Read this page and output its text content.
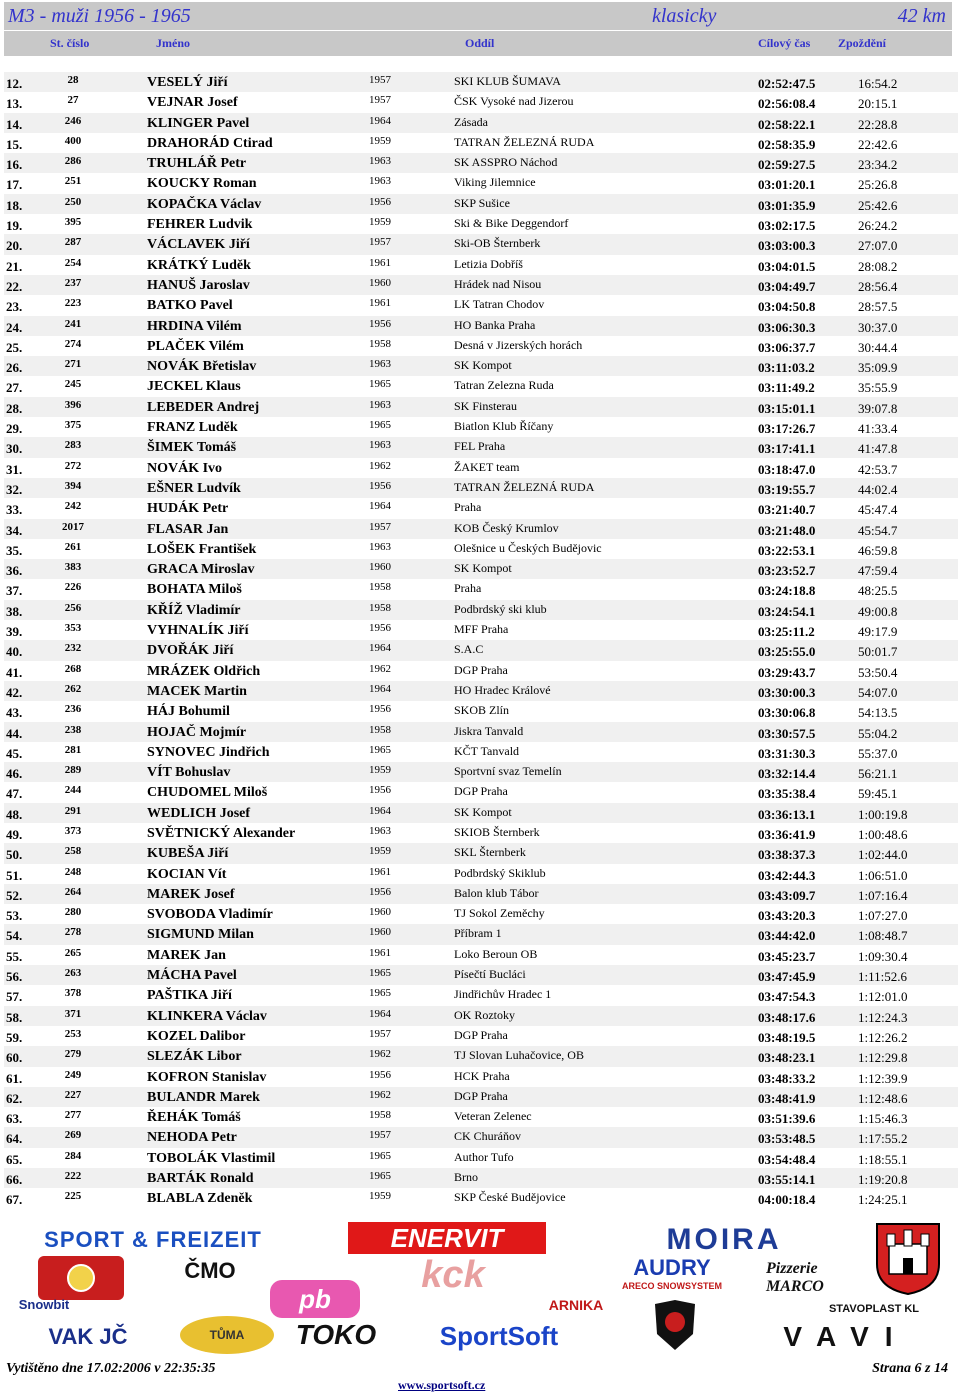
M3 - muži 1956 - 1965	klasicky	42 km
St. číslo	Jméno	Oddíl	Cílový čas Zpoždění
12.	28	VESELÝ Jiří	1957	SKI KLUB ŠUMAVA	02:52:47.5	16:54.2
13.	27	VEJNAR Josef	1957	ČSK Vysoké nad Jizerou	02:56:08.4	20:15.1
14.	246	KLINGER Pavel	1964	Zásada	02:58:22.1	22:28.8
15.	400	DRAHORÁD Ctirad	1959	TATRAN ŽELEZNÁ RUDA	02:58:35.9	22:42.6
16.	286	TRUHLÁŘ Petr	1963	SK ASSPRO Náchod	02:59:27.5	23:34.2
17.	251	KOUCKY Roman	1963	Viking Jilemnice	03:01:20.1	25:26.8
18.	250	KOPAČKA Václav	1956	SKP Sušice	03:01:35.9	25:42.6
19.	395	FEHRER Ludvik	1959	Ski & Bike Deggendorf	03:02:17.5	26:24.2
20.	287	VÁCLAVEK Jiří	1957	Ski-OB Šternberk	03:03:00.3	27:07.0
21.	254	KRÁTKÝ Luděk	1961	Letizia Dobříš	03:04:01.5	28:08.2
22.	237	HANUŠ Jaroslav	1960	Hrádek nad Nisou	03:04:49.7	28:56.4
23.	223	BATKO Pavel	1961	LK Tatran Chodov	03:04:50.8	28:57.5
24.	241	HRDINA Vilém	1956	HO Banka Praha	03:06:30.3	30:37.0
25.	274	PLAČEK Vilém	1958	Desná v Jizerských horách	03:06:37.7	30:44.4
26.	271	NOVÁK Břetislav	1963	SK Kompot	03:11:03.2	35:09.9
27.	245	JECKEL Klaus	1965	Tatran Zelezna Ruda	03:11:49.2	35:55.9
28.	396	LEBEDER Andrej	1963	SK Finsterau	03:15:01.1	39:07.8
29.	375	FRANZ Luděk	1965	Biatlon Klub Říčany	03:17:26.7	41:33.4
30.	283	ŠIMEK Tomáš	1963	FEL Praha	03:17:41.1	41:47.8
31.	272	NOVÁK Ivo	1962	ŽAKET team	03:18:47.0	42:53.7
32.	394	EŠNER Ludvík	1956	TATRAN ŽELEZNÁ RUDA	03:19:55.7	44:02.4
33.	242	HUDÁK Petr	1964	Praha	03:21:40.7	45:47.4
34.	2017	FLASAR Jan	1957	KOB Český Krumlov	03:21:48.0	45:54.7
35.	261	LOŠEK František	1963	Olešnice u Českých Budějovic	03:22:53.1	46:59.8
36.	383	GRACA Miroslav	1960	SK Kompot	03:23:52.7	47:59.4
37.	226	BOHATA Miloš	1958	Praha	03:24:18.8	48:25.5
38.	256	KŘÍŽ Vladimír	1958	Podbrdský ski klub	03:24:54.1	49:00.8
39.	353	VYHNALÍK Jiří	1956	MFF Praha	03:25:11.2	49:17.9
40.	232	DVOŘÁK Jiří	1964	S.A.C	03:25:55.0	50:01.7
41.	268	MRÁZEK Oldřich	1962	DGP Praha	03:29:43.7	53:50.4
42.	262	MACEK Martin	1964	HO Hradec Králové	03:30:00.3	54:07.0
43.	236	HÁJ Bohumil	1956	SKOB Zlín	03:30:06.8	54:13.5
44.	238	HOJAČ Mojmír	1958	Jiskra Tanvald	03:30:57.5	55:04.2
45.	281	SYNOVEC Jindřich	1965	KČT Tanvald	03:31:30.3	55:37.0
46.	289	VÍT Bohuslav	1959	Sportvní svaz Temelín	03:32:14.4	56:21.1
47.	244	CHUDOMEL Miloš	1956	DGP Praha	03:35:38.4	59:45.1
48.	291	WEDLICH Josef	1964	SK Kompot	03:36:13.1	1:00:19.8
49.	373	SVĚTNICKÝ Alexander	1963	SKIOB Šternberk	03:36:41.9	1:00:48.6
50.	258	KUBEŠA Jiří	1959	SKL Šternberk	03:38:37.3	1:02:44.0
51.	248	KOCIAN Vít	1961	Podbrdský Skiklub	03:42:44.3	1:06:51.0
52.	264	MAREK Josef	1956	Balon klub Tábor	03:43:09.7	1:07:16.4
53.	280	SVOBODA Vladimír	1960	TJ Sokol Zeměchy	03:43:20.3	1:07:27.0
54.	278	SIGMUND Milan	1960	Příbram 1	03:44:42.0	1:08:48.7
55.	265	MAREK Jan	1961	Loko Beroun OB	03:45:23.7	1:09:30.4
56.	263	MÁCHA Pavel	1965	Písečtí Bucláci	03:47:45.9	1:11:52.6
57.	378	PAŠTIKA Jiří	1965	Jindřichův Hradec 1	03:47:54.3	1:12:01.0
58.	371	KLINKERA Václav	1964	OK Roztoky	03:48:17.6	1:12:24.3
59.	253	KOZEL Dalibor	1957	DGP Praha	03:48:19.5	1:12:26.2
60.	279	SLEZÁK Libor	1962	TJ Slovan Luhačovice, OB	03:48:23.1	1:12:29.8
61.	249	KOFRON Stanislav	1956	HCK Praha	03:48:33.2	1:12:39.9
62.	227	BULANDR Marek	1962	DGP Praha	03:48:41.9	1:12:48.6
63.	277	ŘEHÁK Tomáš	1958	Veteran Zelenec	03:51:39.6	1:15:46.3
64.	269	NEHODA Petr	1957	CK Churáňov	03:53:48.5	1:17:55.2
65.	284	TOBOLÁK Vlastimil	1965	Author Tufo	03:54:48.4	1:18:55.1
66.	222	BARTÁK Ronald	1965	Brno	03:55:14.1	1:19:20.8
67.	225	BLABLA Zdeněk	1959	SKP České Budějovice	04:00:18.4	1:24:25.1
SPORT & FREIZEIT	ENERVIT	MOIRA
ČMO	kck	AUDRY
ARECO SNOWSYSTEM
Pizzerie MARCO
Snowbit	pb	ARNIKA	STAVOPLAST KL
VAK JČ	TŮMA	TOKO	SportSoft	VAVI
Vytištěno dne 17.02:2006 v 22:35:35	Strana 6 z 14
www.sportsoft.cz
